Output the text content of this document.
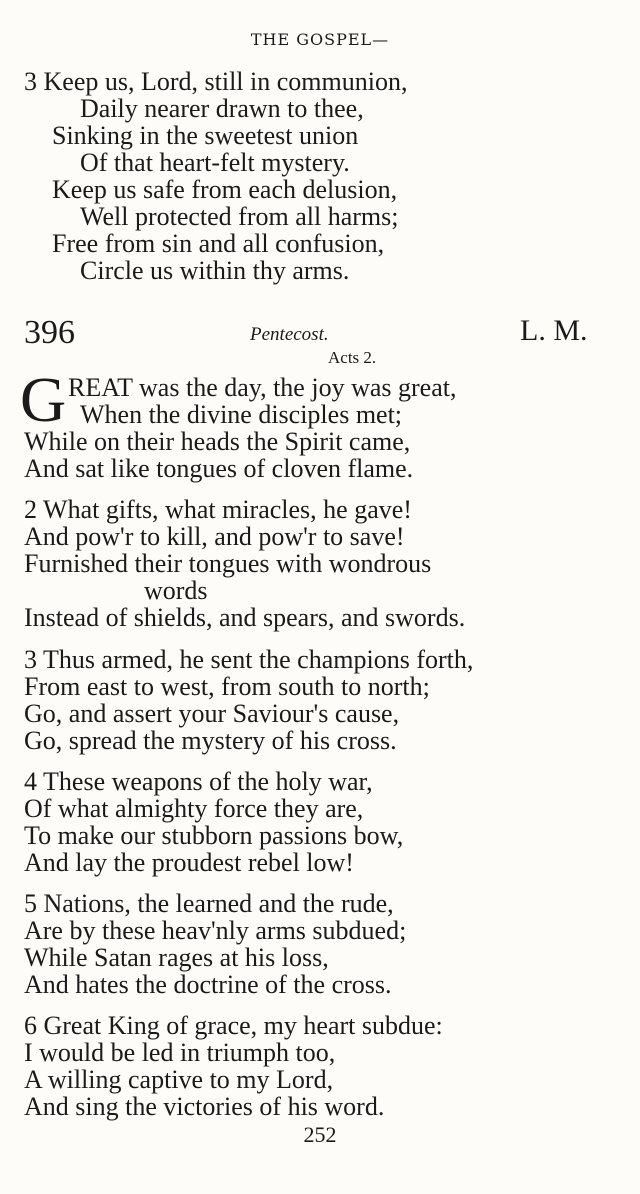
THE GOSPEL—
3 Keep us, Lord, still in communion,
Daily nearer drawn to thee,
Sinking in the sweetest union
Of that heart-felt mystery.
Keep us safe from each delusion,
Well protected from all harms;
Free from sin and all confusion,
Circle us within thy arms.
396	Pentecost.	L. M.
Acts 2.
G REAT was the day, the joy was great,
When the divine disciples met;
While on their heads the Spirit came,
And sat like tongues of cloven flame.
2 What gifts, what miracles, he gave!
And pow'r to kill, and pow'r to save!
Furnished their tongues with wondrous
words
Instead of shields, and spears, and swords.
3 Thus armed, he sent the champions forth,
From east to west, from south to north;
Go, and assert your Saviour's cause,
Go, spread the mystery of his cross.
4 These weapons of the holy war,
Of what almighty force they are,
To make our stubborn passions bow,
And lay the proudest rebel low!
5 Nations, the learned and the rude,
Are by these heav'nly arms subdued;
While Satan rages at his loss,
And hates the doctrine of the cross.
6 Great King of grace, my heart subdue:
I would be led in triumph too,
A willing captive to my Lord,
And sing the victories of his word.
252
